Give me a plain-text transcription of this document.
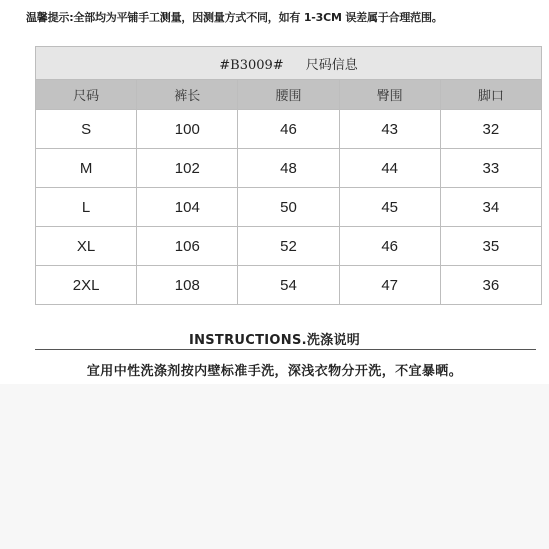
温馨提示:全部均为平铺手工测量，因测量方式不同，如有 1-3CM 误差属于合理范围。
#B3009# 尺码信息				
尺码	裤长	腰围	臀围	脚口
S	100	46	43	32
M	102	48	44	33
L	104	50	45	34
XL	106	52	46	35
2XL	108	54	47	36
INSTRUCTIONS.洗涤说明
宜用中性洗涤剂按内壁标准手洗，深浅衣物分开洗，不宜暴晒。
